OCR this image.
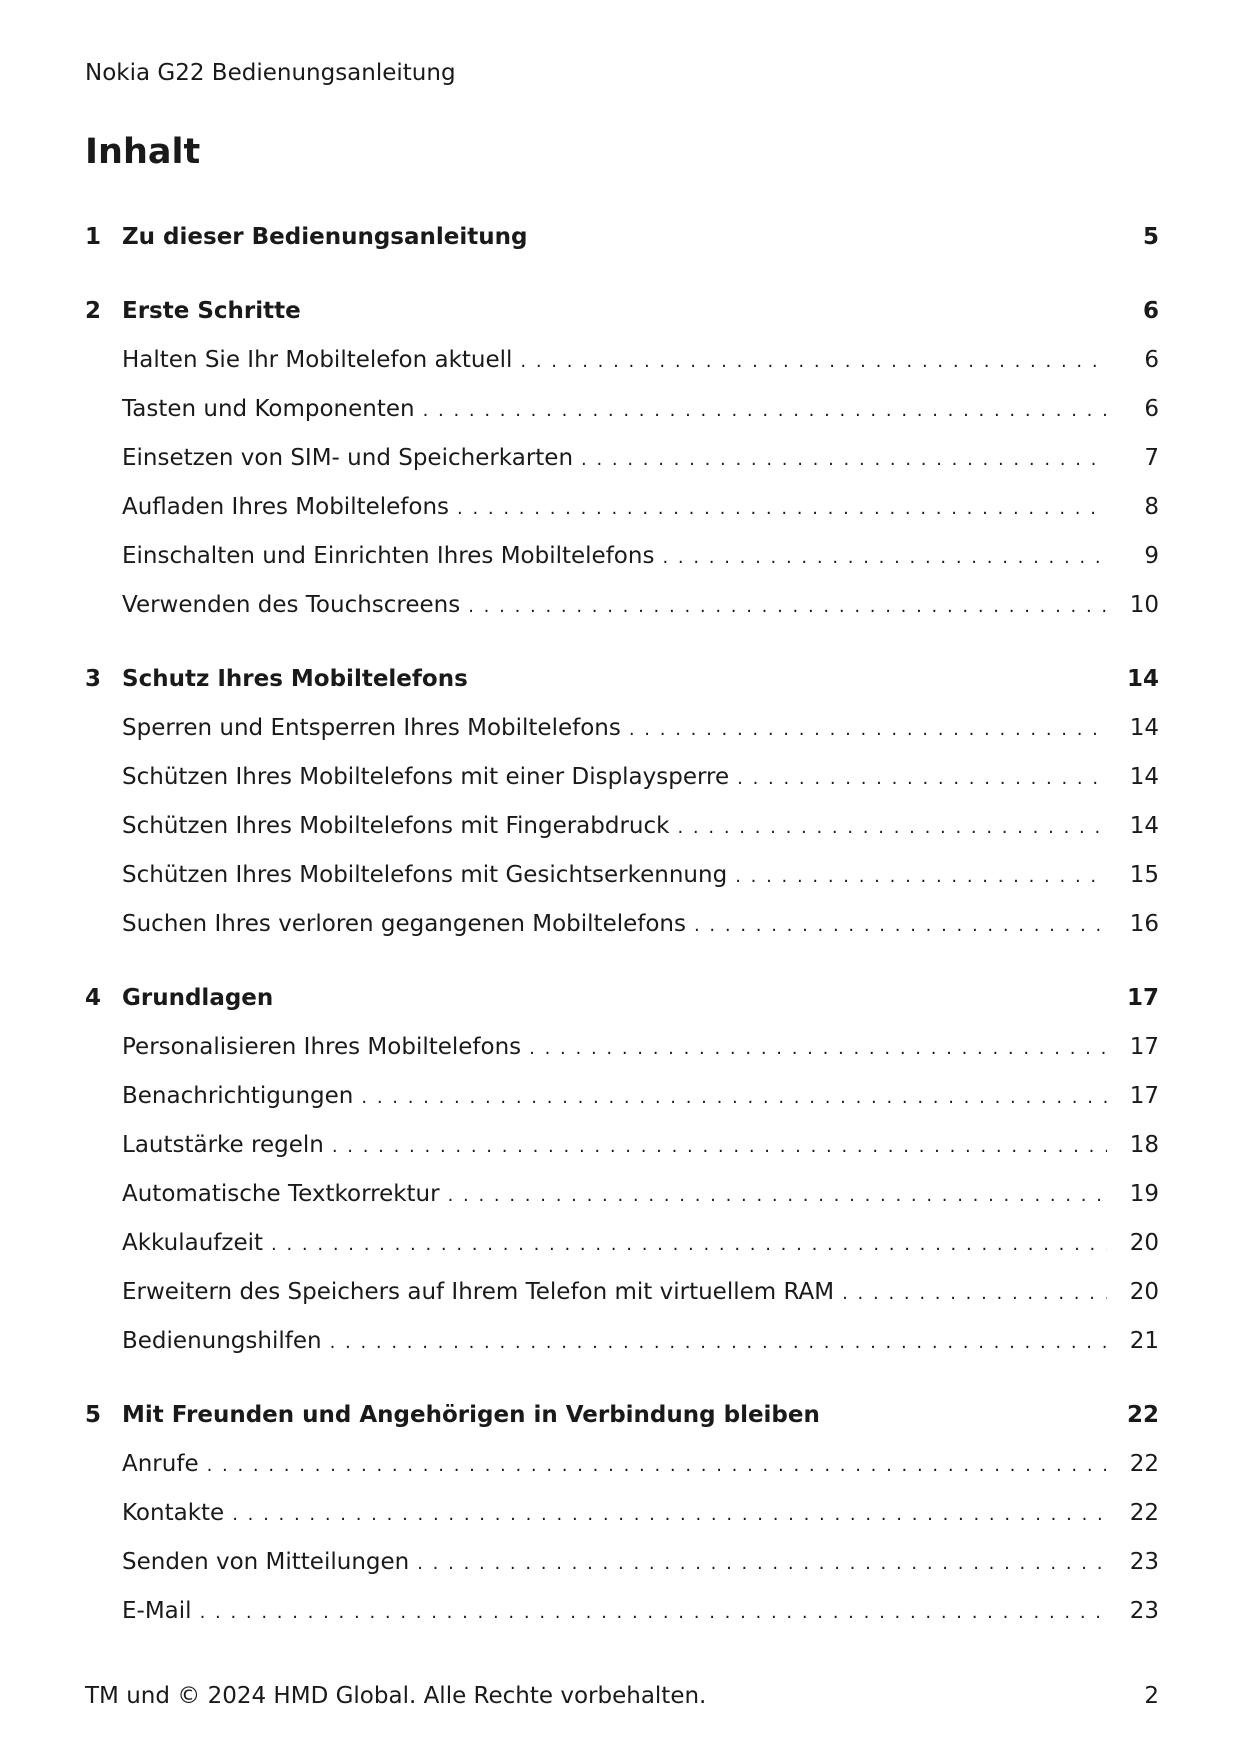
Nokia G22 Bedienungsanleitung
Inhalt
1 Zu dieser Bedienungsanleitung	5
2 Erste Schritte	6
Halten Sie Ihr Mobiltelefon aktuell . . .	6
Tasten und Komponenten . . .	6
Einsetzen von SIM- und Speicherkarten . . .	7
Aufladen Ihres Mobiltelefons . . .	8
Einschalten und Einrichten Ihres Mobiltelefons . . .	9
Verwenden des Touchscreens . . .	10
3 Schutz Ihres Mobiltelefons	14
Sperren und Entsperren Ihres Mobiltelefons . . .	14
Schützen Ihres Mobiltelefons mit einer Displaysperre . . .	14
Schützen Ihres Mobiltelefons mit Fingerabdruck . . .	14
Schützen Ihres Mobiltelefons mit Gesichtserkennung . . .	15
Suchen Ihres verloren gegangenen Mobiltelefons . . .	16
4 Grundlagen	17
Personalisieren Ihres Mobiltelefons . . .	17
Benachrichtigungen . . .	17
Lautstärke regeln . . .	18
Automatische Textkorrektur . . .	19
Akkulaufzeit . . .	20
Erweitern des Speichers auf Ihrem Telefon mit virtuellem RAM . . .	20
Bedienungshilfen . . .	21
5 Mit Freunden und Angehörigen in Verbindung bleiben	22
Anrufe . . .	22
Kontakte . . .	22
Senden von Mitteilungen . . .	23
E-Mail . . .	23
TM und © 2024 HMD Global. Alle Rechte vorbehalten.	2
